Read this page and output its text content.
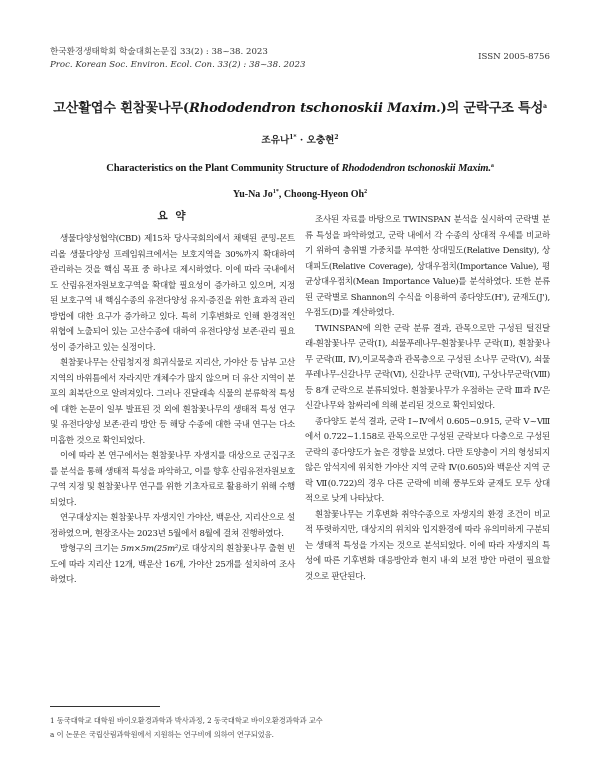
한국환경생태학회 학술대회논문집 33(2) : 38~38. 2023
Proc. Korean Soc. Environ. Ecol. Con. 33(2) : 38~38. 2023
ISSN 2005-8756
고산활엽수 흰참꽃나무(Rhododendron tschonoskii Maxim.)의 군락구조 특성$^a$
조유나$^{1*}$ · 오충현$^2$
Characteristics on the Plant Community Structure of Rhododendron tschonoskii Maxim.$^a$
Yu-Na $Jo^{1*}$, Choong-Hyeon Oh$^2$
요 약

생물다양성협약(CBD) 제15차 당사국회의에서 채택된 쿤밍-몬트리올 생물다양성 프레임워크에서는 보호지역을 30%까지 확대하여 관리하는 것을 핵심 목표 중 하나로 제시하였다. 이에 따라 국내에서도 산림유전자원보호구역을 확대할 필요성이 증가하고 있으며, 지정된 보호구역 내 핵심수종의 유전다양성 유지·증진을 위한 효과적 관리 방법에 대한 요구가 증가하고 있다. 특히 기후변화로 인해 환경적인 위협에 노출되어 있는 고산수종에 대하여 유전다양성 보존·관리 필요성이 증가하고 있는 실정이다.

흰참꽃나무는 산림청지정 희귀식물로 지리산, 가야산 등 남부 고산지역의 바위틈에서 자라지만 개체수가 많지 않으며 더 유산 지역이 분포의 최북단으로 알려져있다. 그러나 진달래속 식물의 분류학적 특성에 대한 논문이 일부 발표된 것 외에 흰참꽃나무의 생태적 특성 연구 및 유전다양성 보존·관리 방안 등 해당 수종에 대한 국내 연구는 다소 미흡한 것으로 확인되었다.

이에 따라 본 연구에서는 흰참꽃나무 자생지를 대상으로 군집구조를 분석을 통해 생태적 특성을 파악하고, 이를 향후 산림유전자원보호구역 지정 및 흰참꽃나무 연구를 위한 기초자료로 활용하기 위해 수행되었다.

연구대상지는 흰참꽃나무 자생지인 가야산, 백운산, 지리산으로 설정하였으며, 현장조사는 2023년 5월에서 8월에 걸쳐 진행하였다.

방형구의 크기는 5m×5m(25m²)로 대상지의 흰참꽃나무 출현 빈도에 따라 지리산 12개, 백운산 16개, 가야산 25개를 설치하여 조사하였다.

조사된 자료를 바탕으로 TWINSPAN 분석을 실시하여 군락별 분류 특성을 파악하였고, 군락 내에서 각 수종의 상대적 우세를 비교하기 위하여 층위별 가중치를 부여한 상대밀도(Relative Density), 상대피도(Relative Coverage), 상대우점치(Importance Value), 평균상대우점치(Mean Importance Value)를 분석하였다. 또한 분류된 군락별로 Shannon의 수식을 이용하여 종다양도(H'), 균재도(J'), 우점도(D)를 계산하였다.

TWINSPAN에 의한 군락 분류 결과, 관목으로만 구성된 털진달래-흰참꽃나무 군락(Ⅰ), 쇠물푸레나무-흰참꽃나무 군락(Ⅱ), 흰참꽃나무 군락(Ⅲ, Ⅳ),이교목층과 관목층으로 구성된 소나무 군락(Ⅴ), 쇠물푸레나무-신갈나무 군락(Ⅵ), 신갈나무 군락(Ⅶ), 구상나무군락(Ⅷ) 등 8개 군락으로 분류되었다. 흰참꽃나무가 우점하는 군락 Ⅲ과 Ⅳ은 신갈나무와 참싸리에 의해 분리된 것으로 확인되었다.

종다양도 분석 결과, 군락 Ⅰ~Ⅳ에서 0.605~0.915, 군락 Ⅴ~Ⅷ에서 0.722~1.158로 관목으로만 구성된 군락보다 다층으로 구성된 군락의 종다양도가 높은 경향을 보였다. 다만 토양층이 거의 형성되지 않은 암석지에 위치한 가야산 지역 군락 Ⅳ(0.605)와 백운산 지역 군락 Ⅶ(0.722)의 경우 다른 군락에 비해 풍부도와 균재도 모두 상대적으로 낮게 나타났다.

흰참꽃나무는 기후변화 취약수종으로 자생지의 환경 조건이 비교적 뚜렷하지만, 대상지의 위치와 입지환경에 따라 유의미하게 구분되는 생태적 특성을 가지는 것으로 분석되었다. 이에 따라 자생지의 특성에 따른 기후변화 대응방안과 현지 내·외 보전 방안 마련이 필요할 것으로 판단된다.

1 동국대학교 대학원 바이오환경과학과 박사과정, 2 동국대학교 바이오환경과학과 교수
a 이 논문은 국립산림과학원에서 지원하는 연구비에 의하여 연구되었음.
